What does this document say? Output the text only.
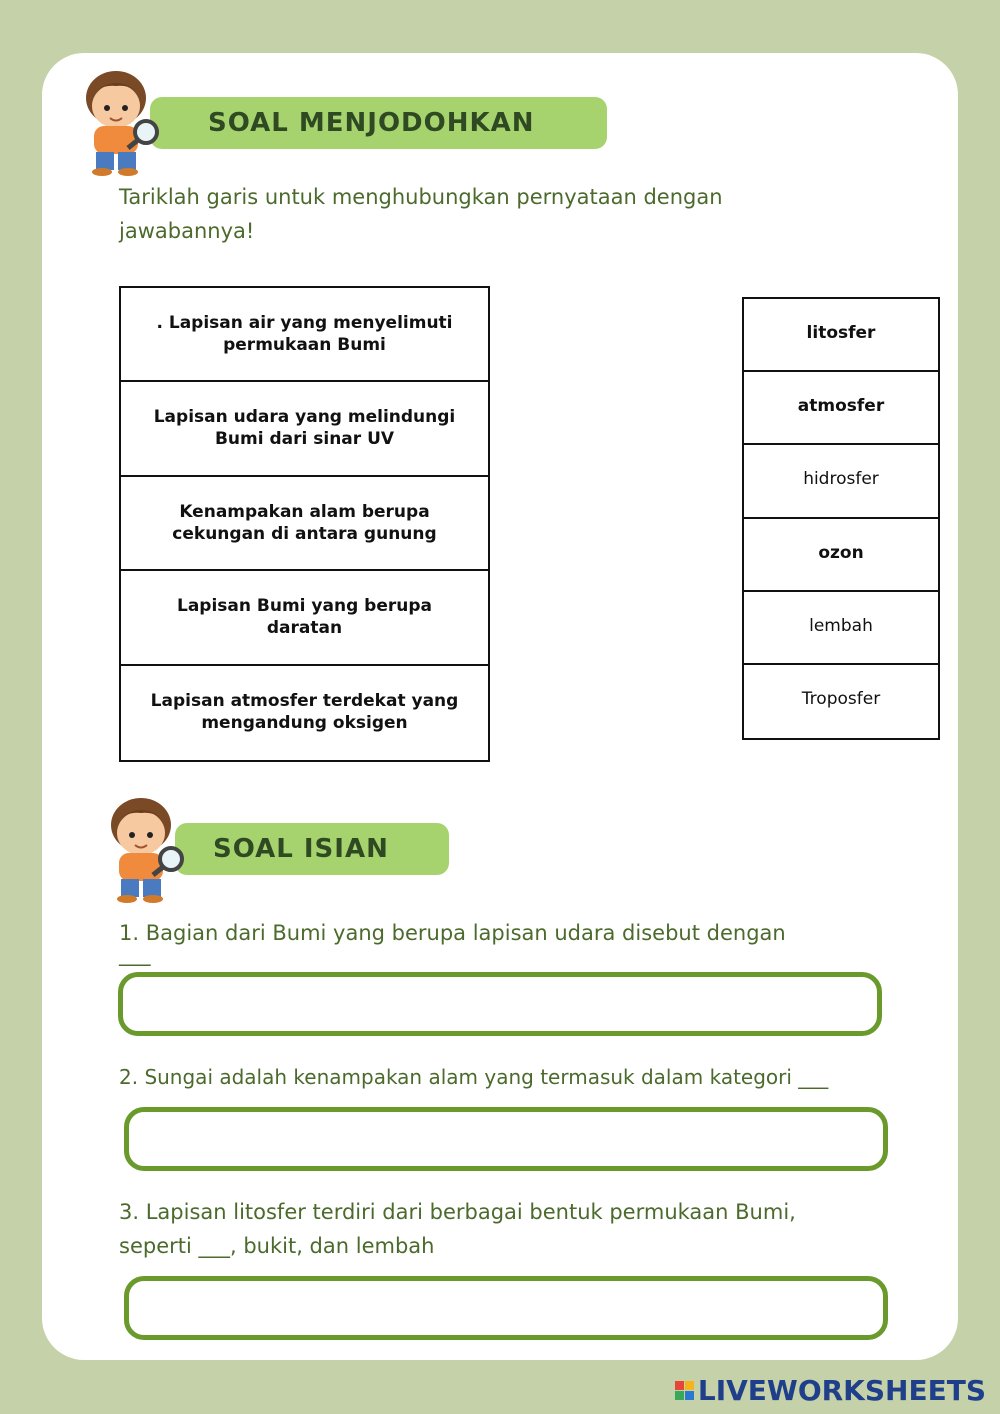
SOAL MENJODOHKAN
Tariklah garis untuk menghubungkan pernyataan dengan
jawabannya!
. Lapisan air yang menyelimuti permukaan Bumi
Lapisan udara yang melindungi Bumi dari sinar UV
Kenampakan alam berupa cekungan di antara gunung
Lapisan Bumi yang berupa daratan
Lapisan atmosfer terdekat yang mengandung oksigen
litosfer
atmosfer
hidrosfer
ozon
lembah
Troposfer
SOAL ISIAN
1. Bagian dari Bumi yang berupa lapisan udara disebut dengan
___
2. Sungai adalah kenampakan alam yang termasuk dalam kategori ___
3. Lapisan litosfer terdiri dari berbagai bentuk permukaan Bumi,
seperti ___, bukit, dan lembah
LIVEWORKSHEETS
